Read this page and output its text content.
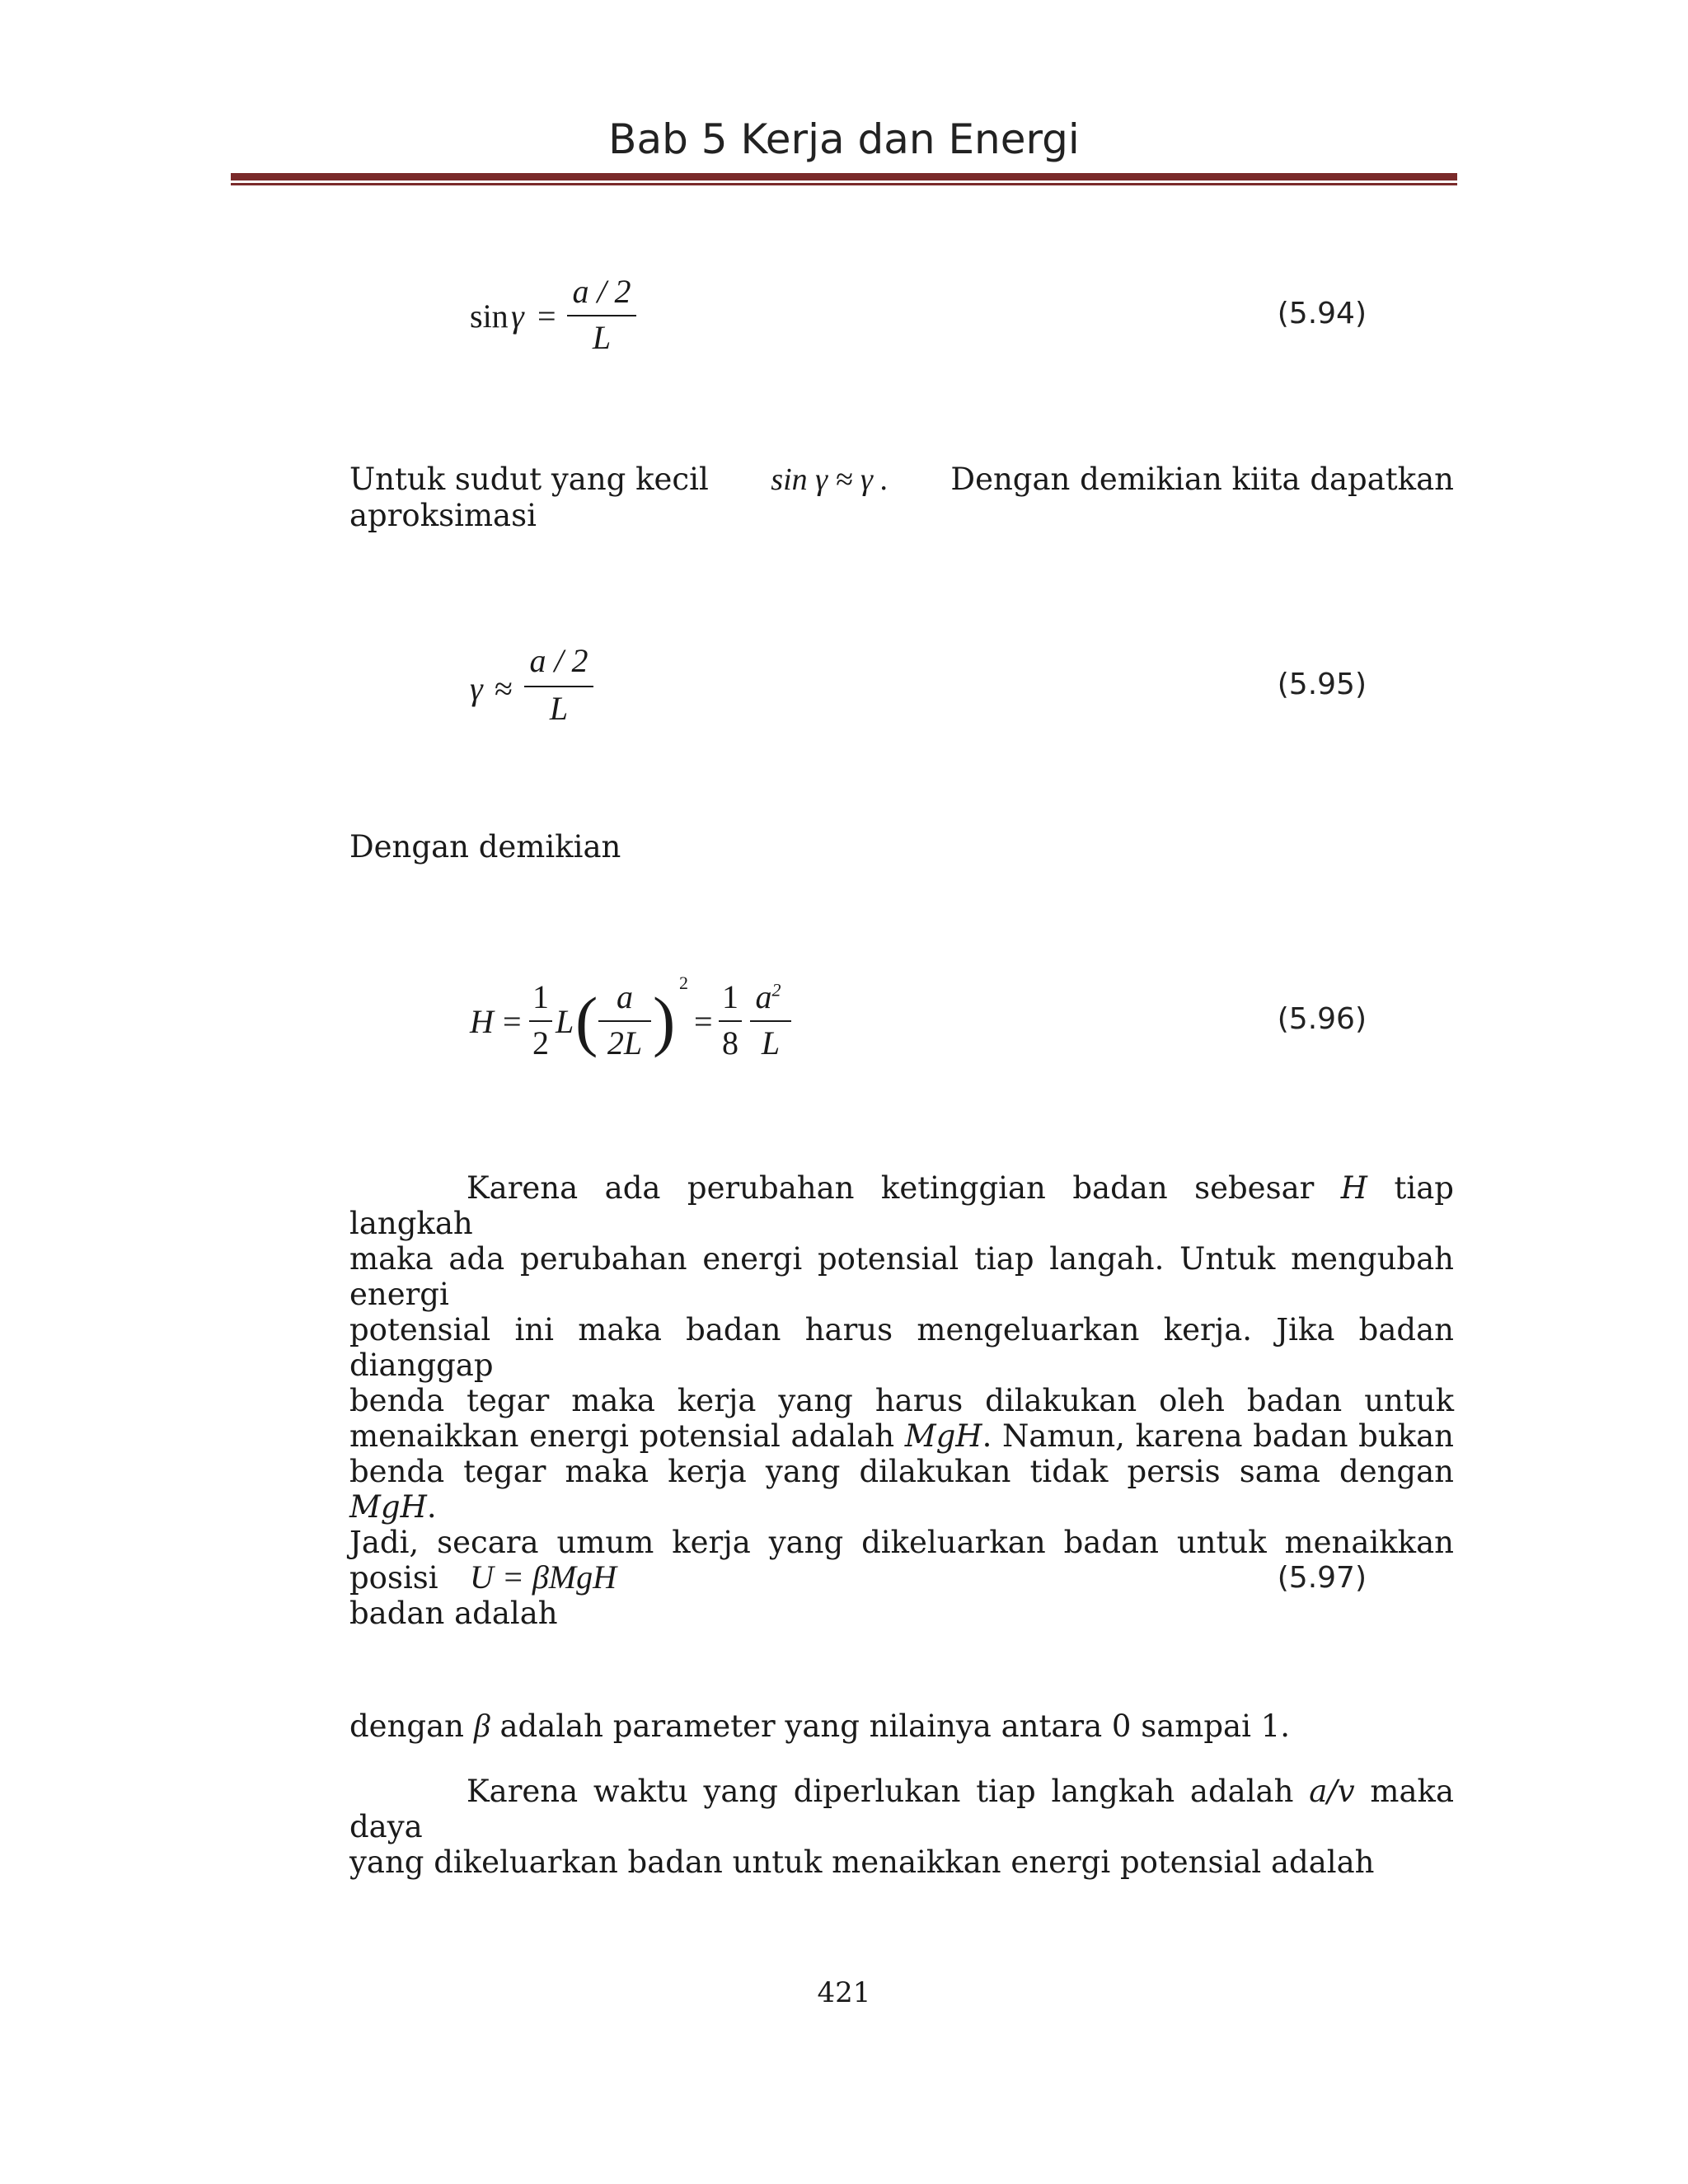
Bab 5 Kerja dan Energi
sin γ =
a / 2
L
(5.94)
Untuk sudut yang kecil sin γ ≈ γ . Dengan demikian kiita dapatkan
aproksimasi
γ ≈
a / 2
L
(5.95)
Dengan demikian
H =
1
2
L ( a
2L )
2
=
1
8
$a^2$
L
(5.96)
Karena ada perubahan ketinggian badan sebesar H tiap langkah
maka ada perubahan energi potensial tiap langah. Untuk mengubah energi
potensial ini maka badan harus mengeluarkan kerja. Jika badan dianggap
benda tegar maka kerja yang harus dilakukan oleh badan untuk
menaikkan energi potensial adalah MgH. Namun, karena badan bukan
benda tegar maka kerja yang dilakukan tidak persis sama dengan MgH.
Jadi, secara umum kerja yang dikeluarkan badan untuk menaikkan posisi
badan adalah
U = βMgH	(5.97)
dengan β adalah parameter yang nilainya antara 0 sampai 1.
Karena waktu yang diperlukan tiap langkah adalah a/v maka daya
yang dikeluarkan badan untuk menaikkan energi potensial adalah
421
